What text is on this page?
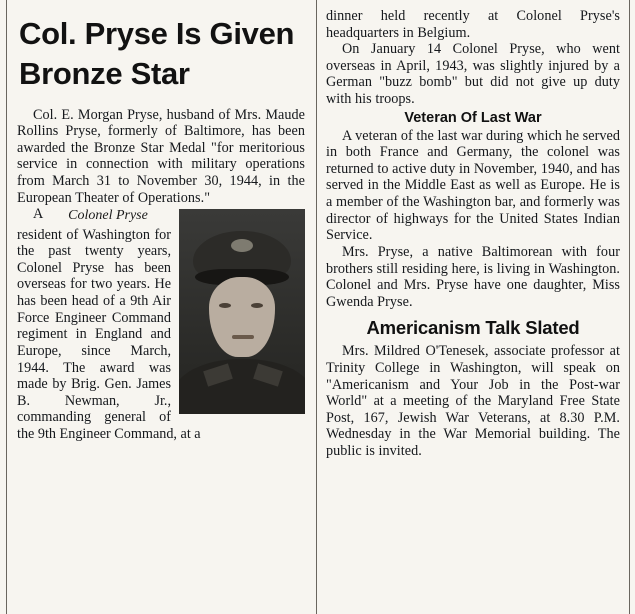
Col. Pryse Is Given
Bronze Star

Col. E. Morgan Pryse, husband of Mrs. Maude Rollins Pryse, formerly of Baltimore, has been awarded the Bronze Star Medal "for meritorious service in connection with military operations from March 31 to November 30, 1944, in the European Theater of Operations."

Colonel Pryse

A resident of Washington for the past twenty years, Colonel Pryse has been overseas for two years. He has been head of a 9th Air Force Engineer Command regiment in England and Europe, since March, 1944. The award was made by Brig. Gen. James B. Newman, Jr., commanding general of the 9th Engineer Command, at a

dinner held recently at Colonel Pryse's headquarters in Belgium.

On January 14 Colonel Pryse, who went overseas in April, 1943, was slightly injured by a German "buzz bomb" but did not give up duty with his troops.

Veteran Of Last War

A veteran of the last war during which he served in both France and Germany, the colonel was returned to active duty in November, 1940, and has served in the Middle East as well as Europe. He is a member of the Washington bar, and formerly was director of highways for the United States Indian Service.

Mrs. Pryse, a native Baltimorean with four brothers still residing here, is living in Washington. Colonel and Mrs. Pryse have one daughter, Miss Gwenda Pryse.

Americanism Talk Slated

Mrs. Mildred O'Tenesek, associate professor at Trinity College in Washington, will speak on "Americanism and Your Job in the Post-war World" at a meeting of the Maryland Free State Post, 167, Jewish War Veterans, at 8.30 P.M. Wednesday in the War Memorial building. The public is invited.
